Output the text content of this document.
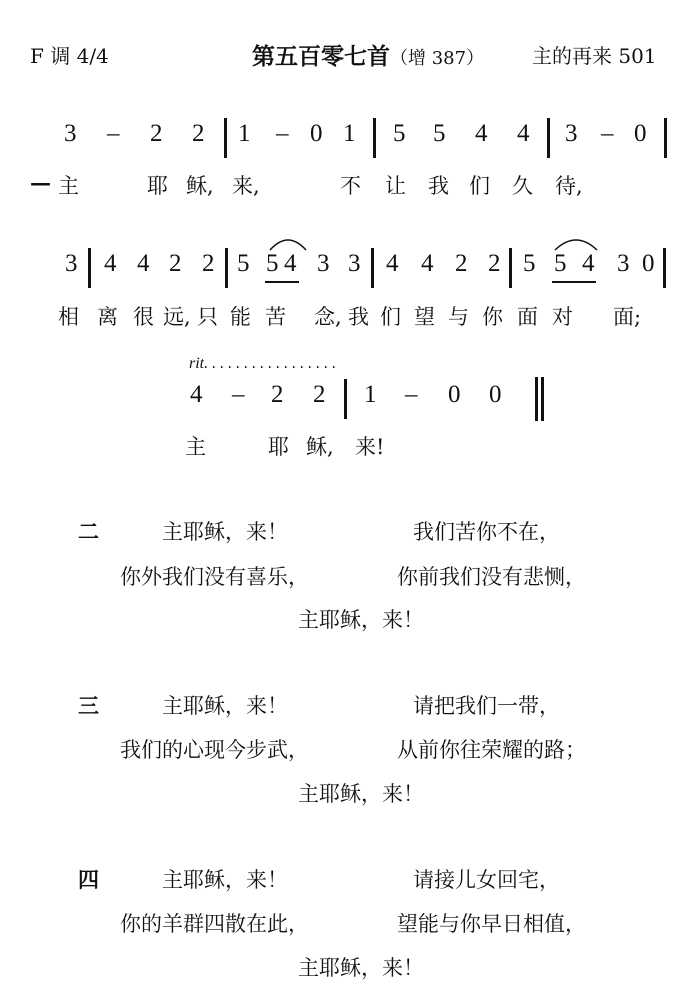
F 调 4/4	第五百零七首（增 387） 主的再来 501
3 – 2 2 1 – 0 1 5 5 4 4 3 – 0
— 主	耶 稣, 来,	不 让 我 们 久 待,
3 4 4 2 2 5 5 4 3 3 4 4 2 2 5 5 4 3 0
相 离 很 远, 只 能 苦 念, 我 们 望 与 你 面 对 面;
rit. . . . . . . . . . . . . . . . .
4 – 2 2 1 – 0 0
主	耶 稣, 来!
二	主耶稣，来！	我们苦你不在，
你外我们没有喜乐，	你前我们没有悲恻，
主耶稣，来！
三	主耶稣，来！	请把我们一带，
我们的心现今步武，	从前你往荣耀的路；
主耶稣，来！
四	主耶稣，来！	请接儿女回宅，
你的羊群四散在此，	望能与你早日相值，
主耶稣，来！
